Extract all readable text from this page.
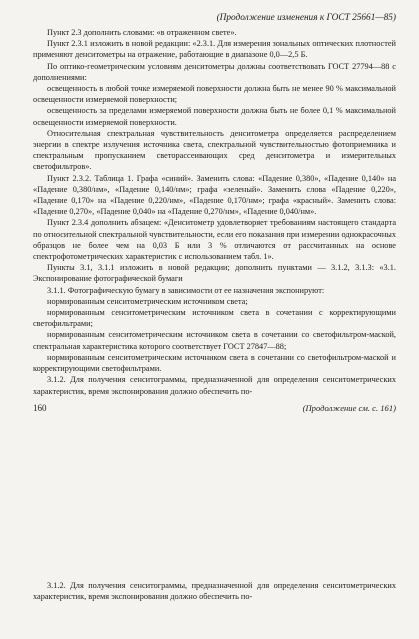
(Продолжение изменения к ГОСТ 25661—85)

Пункт 2.3 дополнить словами: «в отраженном свете».

Пункт 2.3.1 изложить в новой редакции: «2.3.1. Для измерения зональных оптических плотностей применяют денситометры на отражение, работающие в диапазоне 0,0—2,5 Б.

По оптико-геометрическим условиям денситометры должны соответствовать ГОСТ 27794—88 с дополнениями:

освещенность в любой точке измеряемой поверхности должна быть не менее 90 % максимальной освещенности измеряемой поверхности;

освещенность за пределами измеряемой поверхности должна быть не более 0,1 % максимальной освещенности измеряемой поверхности.

Относительная спектральная чувствительность денситометра определяется распределением энергии в спектре излучения источника света, спектральной чувствительностью фотоприемника и спектральным пропусканием светорассеивающих сред денситометра и измерительных светофильтров».

Пункт 2.3.2. Таблица 1. Графа «синий». Заменить слова: «Падение 0,380», «Падение 0,140» на «Падение 0,380/нм», «Падение 0,140/нм»; графа «зеленый». Заменить слова «Падение 0,220», «Падение 0,170» на «Падение 0,220/нм», «Падение 0,170/нм»; графа «красный». Заменить слова: «Падение 0,270», «Падение 0,040» на «Падение 0,270/нм», «Падение 0,040/нм».

Пункт 2.3.4 дополнить абзацем: «Денситометр удовлетворяет требованиям настоящего стандарта по относительной спектральной чувствительности, если его показания при измерении однокрасочных образцов не более чем на 0,03 Б или 3 % отличаются от рассчитанных на основе спектрофотометрических характеристик с использованием табл. 1».

Пункты 3.1, 3.1.1 изложить в новой редакции; дополнить пунктами — 3.1.2, 3.1.3: «3.1. Экспонирование фотографической бумаги

3.1.1. Фотографическую бумагу в зависимости от ее назначения экспонируют:

нормированным сенситометрическим источником света;

нормированным сенситометрическим источником света в сочетании с корректирующими светофильтрами;

нормированным сенситометрическим источником света в сочетании со светофильтром-маской, спектральная характеристика которого соответствует ГОСТ 27847—88;

нормированным сенситометрическим источником света в сочетании со светофильтром-маской и корректирующими светофильтрами.

3.1.2. Для получения сенситограммы, предназначенной для определения сенситометрических характеристик, время экспонирования должно обеспечить по-

160	(Продолжение см. с. 161)

3.1.2. Для получения сенситограммы, предназначенной для определения сенситометрических характеристик, время экспонирования должно обеспечить по-
